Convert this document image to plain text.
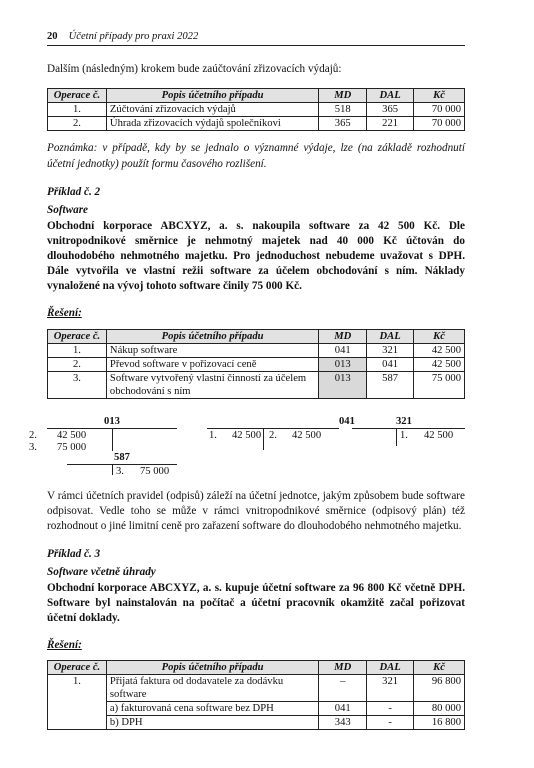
20 Účetní případy pro praxi 2022

Dalším (následným) krokem bude zaúčtování zřizovacích výdajů:

Operace č.	Popis účetního případu	MD	DAL	Kč
1.	Zúčtování zřizovacích výdajů	518	365	70 000
2.	Úhrada zřizovacích výdajů společníkovi	365	221	70 000

Poznámka: v případě, kdy by se jednalo o významné výdaje, lze (na základě rozhodnutí účetní jednotky) použít formu časového rozlišení.

Příklad č. 2

Software

Obchodní korporace ABCXYZ, a. s. nakoupila software za 42 500 Kč. Dle vnitropodnikové směrnice je nehmotný majetek nad 40 000 Kč účtován do dlouhodobého nehmotného majetku. Pro jednoduchost nebudeme uvažovat s DPH. Dále vytvořila ve vlastní režii software za účelem obchodování s ním. Náklady vynaložené na vývoj tohoto software činily 75 000 Kč.

Řešení:

Operace č.	Popis účetního případu	MD	DAL	Kč
1.	Nákup software	041	321	42 500
2.	Převod software v pořizovací ceně	013	041	42 500
3.	Software vytvořený vlastní činností za účelem obchodování s ním	013	587	75 000
013
2. 42 500
3. 75 000
587
3. 75 000
041
1. 42 500 2. 42 500
321
1. 42 500

V rámci účetních pravidel (odpisů) záleží na účetní jednotce, jakým způsobem bude software odpisovat. Vedle toho se může v rámci vnitropodnikové směrnice (odpisový plán) též rozhodnout o jiné limitní ceně pro zařazení software do dlouhodobého nehmotného majetku.

Příklad č. 3

Software včetně úhrady

Obchodní korporace ABCXYZ, a. s. kupuje účetní software za 96 800 Kč včetně DPH. Software byl nainstalován na počítač a účetní pracovník okamžitě začal pořizovat účetní doklady.

Řešení:

Operace č.	Popis účetního případu	MD	DAL	Kč
1.	Přijatá faktura od dodavatele za dodávku software	–	321	96 800
	a) fakturovaná cena software bez DPH	041	-	80 000
	b) DPH	343	-	16 800
